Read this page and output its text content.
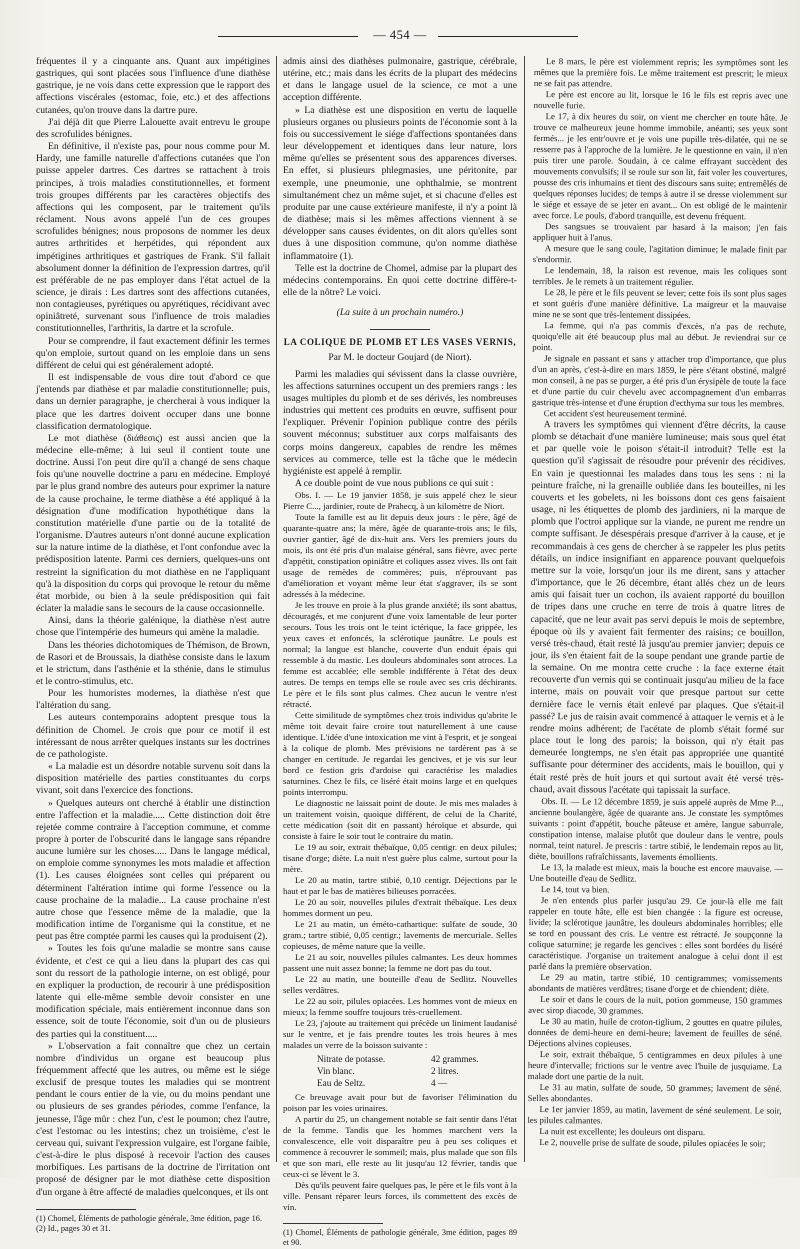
— 454 —

fréquentes il y a cinquante ans. Quant aux impétigines gastriques, qui sont placées sous l'influence d'une diathèse gastrique, je ne vois dans cette expression que le rapport des affections viscérales (estomac, foie, etc.) et des affections cutanées, qu'on trouve dans la dartre pure.

J'ai déjà dit que Pierre Lalouette avait entrevu le groupe des scrofulides bénignes.

En définitive, il n'existe pas, pour nous comme pour M. Hardy, une famille naturelle d'affections cutanées que l'on puisse appeler dartres. Ces dartres se rattachent à trois principes, à trois maladies constitutionnelles, et forment trois groupes différents par les caractères objectifs des affections qui les composent, par le traitement qu'ils réclament. Nous avons appelé l'un de ces groupes scrofulides bénignes; nous proposons de nommer les deux autres arthritides et herpétides, qui répondent aux impétigines arthritiques et gastriques de Frank. S'il fallait absolument donner la définition de l'expression dartres, qu'il est préférable de ne pas employer dans l'état actuel de la science, je dirais : Les dartres sont des affections cutanées, non contagieuses, pyrétiques ou apyrétiques, récidivant avec opiniâtreté, survenant sous l'influence de trois maladies constitutionnelles, l'arthritis, la dartre et la scrofule.

Pour se comprendre, il faut exactement définir les termes qu'on emploie, surtout quand on les emploie dans un sens différent de celui qui est généralement adopté.

Il est indispensable de vous dire tout d'abord ce que j'entends par diathèse et par maladie constitutionnelle; puis, dans un dernier paragraphe, je chercherai à vous indiquer la place que les dartres doivent occuper dans une bonne classification dermatologique.

Le mot diathèse (διάθεσις) est aussi ancien que la médecine elle-même; à lui seul il contient toute une doctrine. Aussi l'on peut dire qu'il a changé de sens chaque fois qu'une nouvelle doctrine a paru en médecine. Employé par le plus grand nombre des auteurs pour exprimer la nature de la cause prochaine, le terme diathèse a été appliqué à la désignation d'une modification hypothétique dans la constitution matérielle d'une partie ou de la totalité de l'organisme. D'autres auteurs n'ont donné aucune explication sur la nature intime de la diathèse, et l'ont confondue avec la prédisposition latente. Parmi ces derniers, quelques-uns ont restreint la signification du mot diathèse en ne l'appliquant qu'à la disposition du corps qui provoque le retour du même état morbide, ou bien à la seule prédisposition qui fait éclater la maladie sans le secours de la cause occasionnelle.

Ainsi, dans la théorie galénique, la diathèse n'est autre chose que l'intempérie des humeurs qui amène la maladie.

Dans les théories dichotomiques de Thémison, de Brown, de Rasori et de Broussais, la diathèse consiste dans le laxum et le strictum, dans l'asthénie et la sthénie, dans le stimulus et le contro-stimulus, etc.

Pour les humoristes modernes, la diathèse n'est que l'altération du sang.

Les auteurs contemporains adoptent presque tous la définition de Chomel. Je crois que pour ce motif il est intéressant de nous arrêter quelques instants sur les doctrines de ce pathologiste.

« La maladie est un désordre notable survenu soit dans la disposition matérielle des parties constituantes du corps vivant, soit dans l'exercice des fonctions.

» Quelques auteurs ont cherché à établir une distinction entre l'affection et la maladie..... Cette distinction doit être rejetée comme contraire à l'acception commune, et comme propre à porter de l'obscurité dans le langage sans répandre aucune lumière sur les choses..... Dans le langage médical, on emploie comme synonymes les mots maladie et affection (1). Les causes éloignées sont celles qui préparent ou déterminent l'altération intime qui forme l'essence ou la cause prochaine de la maladie... La cause prochaine n'est autre chose que l'essence même de la maladie, que la modification intime de l'organisme qui la constitue, et ne peut pas être comptée parmi les causes qui la produisent (2).

» Toutes les fois qu'une maladie se montre sans cause évidente, et c'est ce qui a lieu dans la plupart des cas qui sont du ressort de la pathologie interne, on est obligé, pour en expliquer la production, de recourir à une prédisposition latente qui elle-même semble devoir consister en une modification spéciale, mais entièrement inconnue dans son essence, soit de toute l'économie, soit d'un ou de plusieurs des parties qui la constituent.....

» L'observation a fait connaître que chez un certain nombre d'individus un organe est beaucoup plus fréquemment affecté que les autres, ou même est le siége exclusif de presque toutes les maladies qui se montrent pendant le cours entier de la vie, ou du moins pendant une ou plusieurs de ses grandes périodes, comme l'enfance, la jeunesse, l'âge mûr : chez l'un, c'est le poumon; chez l'autre, c'est l'estomac ou les intestins; chez un troisième, c'est le cerveau qui, suivant l'expression vulgaire, est l'organe faible, c'est-à-dire le plus disposé à recevoir l'action des causes morbifiques. Les partisans de la doctrine de l'irritation ont proposé de désigner par le mot diathèse cette disposition d'un organe à être affecté de maladies quelconques, et ils ont

(1) Chomel, Éléments de pathologie générale, 3me édition, page 16.

(2) Id., pages 30 et 31.

admis ainsi des diathèses pulmonaire, gastrique, cérébrale, utérine, etc.; mais dans les écrits de la plupart des médecins et dans le langage usuel de la science, ce mot a une acception différente.

» La diathèse est une disposition en vertu de laquelle plusieurs organes ou plusieurs points de l'économie sont à la fois ou successivement le siége d'affections spontanées dans leur développement et identiques dans leur nature, lors même qu'elles se présentent sous des apparences diverses. En effet, si plusieurs phlegmasies, une péritonite, par exemple, une pneumonie, une ophthalmie, se montrent simultanément chez un même sujet, et si chacune d'elles est produite par une cause extérieure manifeste, il n'y a point là de diathèse; mais si les mêmes affections viennent à se développer sans causes évidentes, on dit alors qu'elles sont dues à une disposition commune, qu'on nomme diathèse inflammatoire (1).

Telle est la doctrine de Chomel, admise par la plupart des médecins contemporains. En quoi cette doctrine diffère-t-elle de la nôtre? Le voici.

(La suite à un prochain numéro.)

LA COLIQUE DE PLOMB ET LES VASES VERNIS,
Par M. le docteur Goujard (de Niort).

Parmi les maladies qui sévissent dans la classe ouvrière, les affections saturnines occupent un des premiers rangs : les usages multiples du plomb et de ses dérivés, les nombreuses industries qui mettent ces produits en œuvre, suffisent pour l'expliquer. Prévenir l'opinion publique contre des périls souvent méconnus; substituer aux corps malfaisants des corps moins dangereux, capables de rendre les mêmes services au commerce, telle est la tâche que le médecin hygiéniste est appelé à remplir.

A ce double point de vue nous publions ce qui suit :

Obs. I. — Le 19 janvier 1858, je suis appelé chez le sieur Pierre C..., jardinier, route de Prahecq, à un kilomètre de Niort.

Toute la famille est au lit depuis deux jours : le père, âgé de quarante-quatre ans; la mère, âgée de quarante-trois ans; le fils, ouvrier gantier, âgé de dix-huit ans. Vers les premiers jours du mois, ils ont été pris d'un malaise général, sans fièvre, avec perte d'appétit, constipation opiniâtre et coliques assez vives. Ils ont fait usage de remèdes de commères; puis, n'éprouvant pas d'amélioration et voyant même leur état s'aggraver, ils se sont adressés à la médecine.

Je les trouve en proie à la plus grande anxiété; ils sont abattus, découragés, et me conjurent d'une voix lamentable de leur porter secours. Tous les trois ont le teint ictérique, la face grippée, les yeux caves et enfoncés, la sclérotique jaunâtre. Le pouls est normal; la langue est blanche, couverte d'un enduit épais qui ressemble à du mastic. Les douleurs abdominales sont atroces. La femme est accablée; elle semble indifférente à l'état des deux autres. De temps en temps elle se roule avec ses cris déchirants. Le père et le fils sont plus calmes. Chez aucun le ventre n'est rétracté.

Cette similitude de symptômes chez trois individus qu'abrite le même toit devait faire croire tout naturellement à une cause identique. L'idée d'une intoxication me vint à l'esprit, et je songeai à la colique de plomb. Mes prévisions ne tardèrent pas à se changer en certitude. Je regardai les gencives, et je vis sur leur bord ce festion gris d'ardoise qui caractérise les maladies saturnines. Chez le fils, ce liséré était moins large et en quelques points interrompu.

Le diagnostic ne laissait point de doute. Je mis mes malades à un traitement voisin, quoique différent, de celui de la Charité, cette médication (soit dit en passant) héroïque et absurde, qui consiste à faire le soir tout le contraire du matin.

Le 19 au soir, extrait thébaïque, 0,05 centigr. en deux pilules; tisane d'orge; diète. La nuit n'est guère plus calme, surtout pour la mère.

Le 20 au matin, tartre stibié, 0,10 centigr. Déjections par le haut et par le bas de matières bilieuses porracées.

Le 20 au soir, nouvelles pilules d'extrait thébaïque. Les deux hommes dorment un peu.

Le 21 au matin, un éméto-cathartique: sulfate de soude, 30 gram.; tartre stibié, 0,05 centigr.; lavements de mercuriale. Selles copieuses, de même nature que la veille.

Le 21 au soir, nouvelles pilules calmantes. Les deux hommes passent une nuit assez bonne; la femme ne dort pas du tout.

Le 22 au matin, une bouteille d'eau de Sedlitz. Nouvelles selles verdâtres.

Le 22 au soir, pilules opiacées. Les hommes vont de mieux en mieux; la femme souffre toujours très-cruellement.

Le 23, j'ajoute au traitement qui précède un liniment laudanisé sur le ventre, et je fais prendre toutes les trois heures à mes malades un verre de la boisson suivante :

Nitrate de potasse.	42 grammes.
Vin blanc.	2 litres.
Eau de Seltz.	4 —

Ce breuvage avait pour but de favoriser l'élimination du poison par les voies urinaires.

A partir du 25, un changement notable se fait sentir dans l'état de la femme. Tandis que les hommes marchent vers la convalescence, elle voit disparaître peu à peu ses coliques et commence à recouvrer le sommeil; mais, plus malade que son fils et que son mari, elle reste au lit jusqu'au 12 février, tandis que ceux-ci se lèvent le 3.

Dès qu'ils peuvent faire quelques pas, le père et le fils vont à la ville. Pensant réparer leurs forces, ils commettent des excès de vin.

(1) Chomel, Éléments de pathologie générale, 3me édition, pages 89 et 90.

Le 8 mars, le père est violemment repris; les symptômes sont les mêmes que la première fois. Le même traitement est prescrit; le mieux ne se fait pas attendre.

Le père est encore au lit, lorsque le 16 le fils est repris avec une nouvelle furie.

Le 17, à dix heures du soir, on vient me chercher en toute hâte. Je trouve ce malheureux jeune homme immobile, anéanti; ses yeux sont fermés... je les entr'ouvre et je vois une pupille très-dilatée, qui ne se resserre pas à l'approche de la lumière. Je le questionne en vain, il n'en puis tirer une parole. Soudain, à ce calme effrayant succèdent des mouvements convulsifs; il se roule sur son lit, fait voler les couvertures, pousse des cris inhumains et tient des discours sans suite; entremêlés de quelques réponses lucides; de temps à autre il se dresse violemment sur le siége et essaye de se jeter en avant... On est obligé de le maintenir avec force. Le pouls, d'abord tranquille, est devenu fréquent.

Des sangsues se trouvaient par hasard à la maison; j'en fais appliquer huit à l'anus.

A mesure que le sang coule, l'agitation diminue; le malade finit par s'endormir.

Le lendemain, 18, la raison est revenue, mais les coliques sont terribles. Je le remets à un traitement régulier.

Le 28, le père et le fils peuvent se lever; cette fois ils sont plus sages et sont guéris d'une manière définitive. La maigreur et la mauvaise mine ne se sont que très-lentement dissipées.

La femme, qui n'a pas commis d'excès, n'a pas de rechute, quoiqu'elle ait été beaucoup plus mal au début. Je reviendrai sur ce point.

Je signale en passant et sans y attacher trop d'importance, que plus d'un an après, c'est-à-dire en mars 1859, le père s'étant obstiné, malgré mon conseil, à ne pas se purger, a été pris d'un érysipèle de toute la face et d'une partie du cuir chevelu avec accompagnement d'un embarras gastrique très-intense et d'une éruption d'ecthyma sur tous les membres.

Cet accident s'est heureusement terminé.

A travers les symptômes qui viennent d'être décrits, la cause plomb se détachait d'une manière lumineuse; mais sous quel état et par quelle voie le poison s'était-il introduit? Telle est la question qu'il s'agissait de résoudre pour prévenir des récidives. En vain je questionnai les malades dans tous les sens : ni la peinture fraîche, ni la grenaille oubliée dans les bouteilles, ni les couverts et les gobelets, ni les boissons dont ces gens faisaient usage, ni les étiquettes de plomb des jardiniers, ni la marque de plomb que l'octroi applique sur la viande, ne purent me rendre un compte suffisant. Je désespérais presque d'arriver à la cause, et je recommandais à ces gens de chercher à se rappeler les plus petits détails, un indice insignifiant en apparence pouvant quelquefois mettre sur la voie, lorsqu'un jour ils me dirent, sans y attacher d'importance, que le 26 décembre, étant allés chez un de leurs amis qui faisait tuer un cochon, ils avaient rapporté du bouillon de tripes dans une cruche en terre de trois à quatre litres de capacité, que ne leur avait pas servi depuis le mois de septembre, époque où ils y avaient fait fermenter des raisins; ce bouillon, versé très-chaud, était resté là jusqu'au premier janvier; depuis ce jour, ils s'en étaient fait de la soupe pendant une grande partie de la semaine. On me montra cette cruche : la face externe était recouverte d'un vernis qui se continuait jusqu'au milieu de la face interne, mais on pouvait voir que presque partout sur cette dernière face le vernis était enlevé par plaques. Que s'était-il passé? Le jus de raisin avait commencé à attaquer le vernis et à le rendre moins adhérent; de l'acétate de plomb s'était formé sur place tout le long des parois; la boisson, qui n'y était pas demeurée longtemps, ne s'en était pas appropriée une quantité suffisante pour déterminer des accidents, mais le bouillon, qui y était resté près de huit jours et qui surtout avait été versé très-chaud, avait dissous l'acétate qui tapissait la surface.

Obs. II. — Le 12 décembre 1859, je suis appelé auprès de Mme P..., ancienne boulangère, âgée de quarante ans. Je constate les symptômes suivants : point d'appétit, bouche pâteuse et amère, langue saburrale, constipation intense, malaise plutôt que douleur dans le ventre, pouls normal, teint naturel. Je prescris : tartre stibié, le lendemain repos au lit, diète, bouillons rafraîchissants, lavements émollients.

Le 13, la malade est mieux, mais la bouche est encore mauvaise. — Une bouteille d'eau de Sedlitz.

Le 14, tout va bien.

Je n'en entends plus parler jusqu'au 29. Ce jour-là elle me fait rappeler en toute hâte, elle est bien changée : la figure est ocreuse, livide; la sclérotique jaunâtre, les douleurs abdominales horribles; elle se tord en poussant des cris. Le ventre est rétracté. Je soupçonne la colique saturnine; je regarde les gencives : elles sont bordées du liséré caractéristique. J'organise un traitement analogue à celui dont il est parlé dans la première observation.

Le 29 au matin, tartre stibié, 10 centigrammes; vomissements abondants de matières verdâtres; tisane d'orge et de chiendent; diète.

Le soir et dans le cours de la nuit, potion gommeuse, 150 grammes avec sirop diacode, 30 grammes.

Le 30 au matin, huile de croton-tiglium, 2 gouttes en quatre pilules, données de demi-heure en demi-heure; lavement de feuilles de séné. Déjections alvines copieuses.

Le soir, extrait thébaïque, 5 centigrammes en deux pilules à une heure d'intervalle; frictions sur le ventre avec l'huile de jusquiame. La malade dort une partie de la nuit.

Le 31 au matin, sulfate de soude, 50 grammes; lavement de séné. Selles abondantes.

Le 1er janvier 1859, au matin, lavement de séné seulement. Le soir, les pilules calmantes.

La nuit est excellente; les douleurs ont disparu.

Le 2, nouvelle prise de sulfate de soude, pilules opiacées le soir;
